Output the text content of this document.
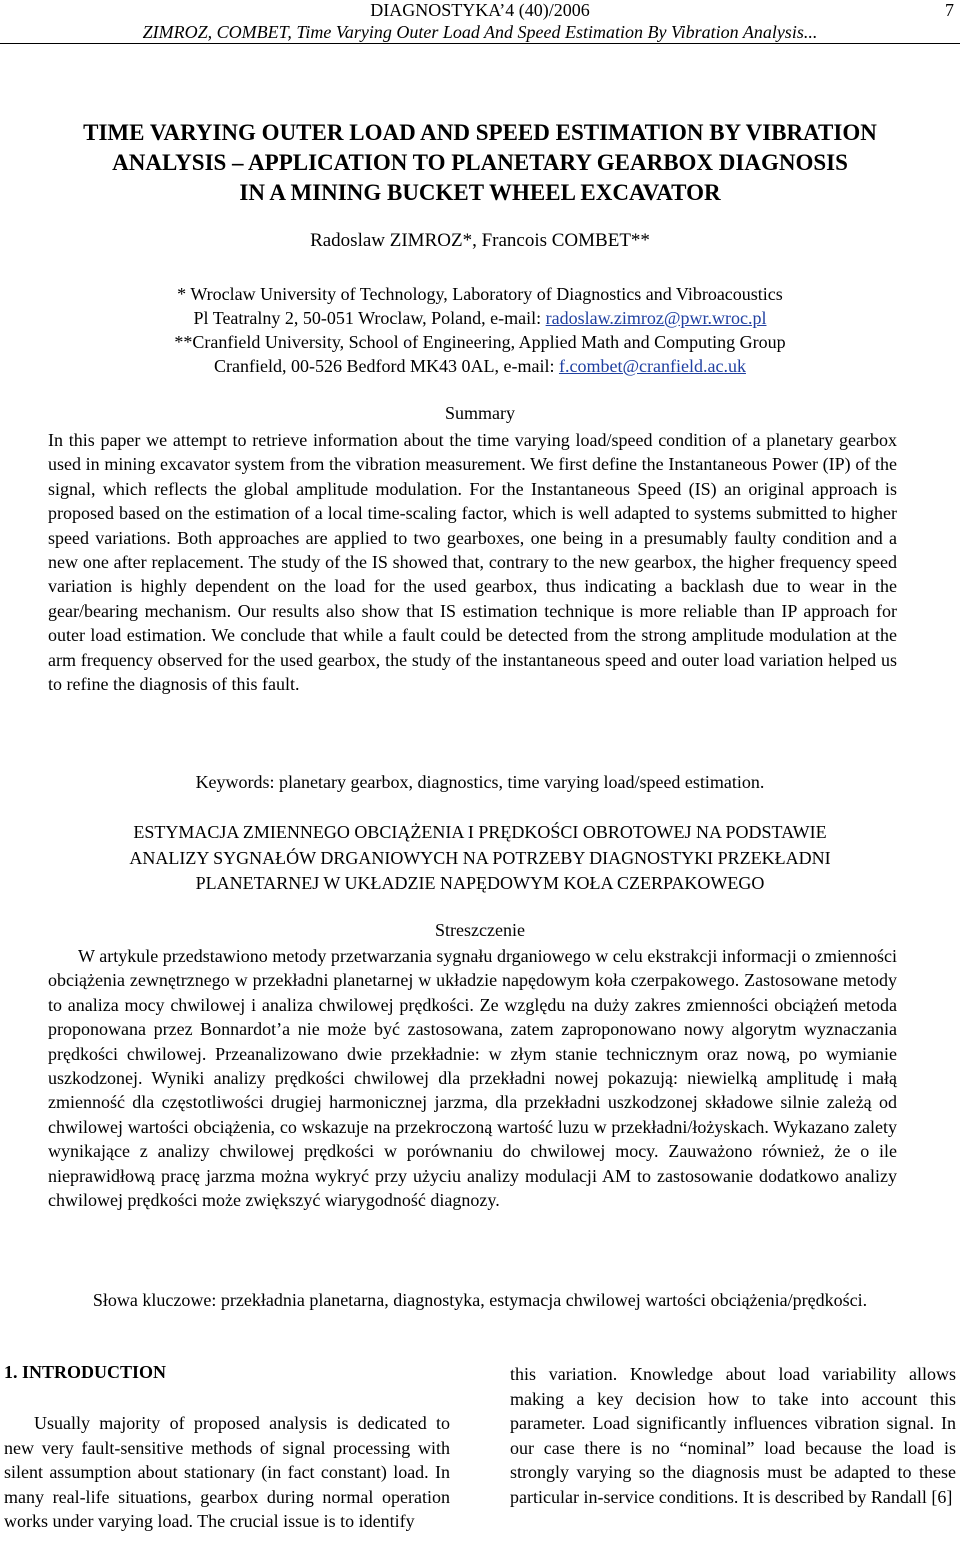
DIAGNOSTYKA’4 (40)/2006	7
ZIMROZ, COMBET, Time Varying Outer Load And Speed Estimation By Vibration Analysis...
TIME VARYING OUTER LOAD AND SPEED ESTIMATION BY VIBRATION
ANALYSIS – APPLICATION TO PLANETARY GEARBOX DIAGNOSIS
IN A MINING BUCKET WHEEL EXCAVATOR
Radoslaw ZIMROZ*, Francois COMBET**
* Wroclaw University of Technology, Laboratory of Diagnostics and Vibroacoustics
Pl Teatralny 2, 50-051 Wroclaw, Poland, e-mail: radoslaw.zimroz@pwr.wroc.pl
**Cranfield University, School of Engineering, Applied Math and Computing Group
Cranfield, 00-526 Bedford MK43 0AL, e-mail: f.combet@cranfield.ac.uk
Summary

In this paper we attempt to retrieve information about the time varying load/speed condition of a planetary gearbox used in mining excavator system from the vibration measurement. We first define the Instantaneous Power (IP) of the signal, which reflects the global amplitude modulation. For the Instantaneous Speed (IS) an original approach is proposed based on the estimation of a local time-scaling factor, which is well adapted to systems submitted to higher speed variations. Both approaches are applied to two gearboxes, one being in a presumably faulty condition and a new one after replacement. The study of the IS showed that, contrary to the new gearbox, the higher frequency speed variation is highly dependent on the load for the used gearbox, thus indicating a backlash due to wear in the gear/bearing mechanism. Our results also show that IS estimation technique is more reliable than IP approach for outer load estimation. We conclude that while a fault could be detected from the strong amplitude modulation at the arm frequency observed for the used gearbox, the study of the instantaneous speed and outer load variation helped us to refine the diagnosis of this fault.

Keywords: planetary gearbox, diagnostics, time varying load/speed estimation.
ESTYMACJA ZMIENNEGO OBCIĄŻENIA I PRĘDKOŚCI OBROTOWEJ NA PODSTAWIE
ANALIZY SYGNAŁÓW DRGANIOWYCH NA POTRZEBY DIAGNOSTYKI PRZEKŁADNI
PLANETARNEJ W UKŁADZIE NAPĘDOWYM KOŁA CZERPAKOWEGO
Streszczenie

W artykule przedstawiono metody przetwarzania sygnału drganiowego w celu ekstrakcji informacji o zmienności obciążenia zewnętrznego w przekładni planetarnej w układzie napędowym koła czerpakowego. Zastosowane metody to analiza mocy chwilowej i analiza chwilowej prędkości. Ze względu na duży zakres zmienności obciążeń metoda proponowana przez Bonnardot’a nie może być zastosowana, zatem zaproponowano nowy algorytm wyznaczania prędkości chwilowej. Przeanalizowano dwie przekładnie: w złym stanie technicznym oraz nową, po wymianie uszkodzonej. Wyniki analizy prędkości chwilowej dla przekładni nowej pokazują: niewielką amplitudę i małą zmienność dla częstotliwości drugiej harmonicznej jarzma, dla przekładni uszkodzonej składowe silnie zależą od chwilowej wartości obciążenia, co wskazuje na przekroczoną wartość luzu w przekładni/łożyskach. Wykazano zalety wynikające z analizy chwilowej prędkości w porównaniu do chwilowej mocy. Zauważono również, że o ile nieprawidłową pracę jarzma można wykryć przy użyciu analizy modulacji AM to zastosowanie dodatkowo analizy chwilowej prędkości może zwiększyć wiarygodność diagnozy.

Słowa kluczowe: przekładnia planetarna, diagnostyka, estymacja chwilowej wartości obciążenia/prędkości.
1. INTRODUCTION

Usually majority of proposed analysis is dedicated to new very fault-sensitive methods of signal processing with silent assumption about stationary (in fact constant) load. In many real-life situations, gearbox during normal operation works under varying load. The crucial issue is to identify

this variation. Knowledge about load variability allows making a key decision how to take into account this parameter. Load significantly influences vibration signal. In our case there is no “nominal” load because the load is strongly varying so the diagnosis must be adapted to these particular in-service conditions. It is described by Randall [6]
